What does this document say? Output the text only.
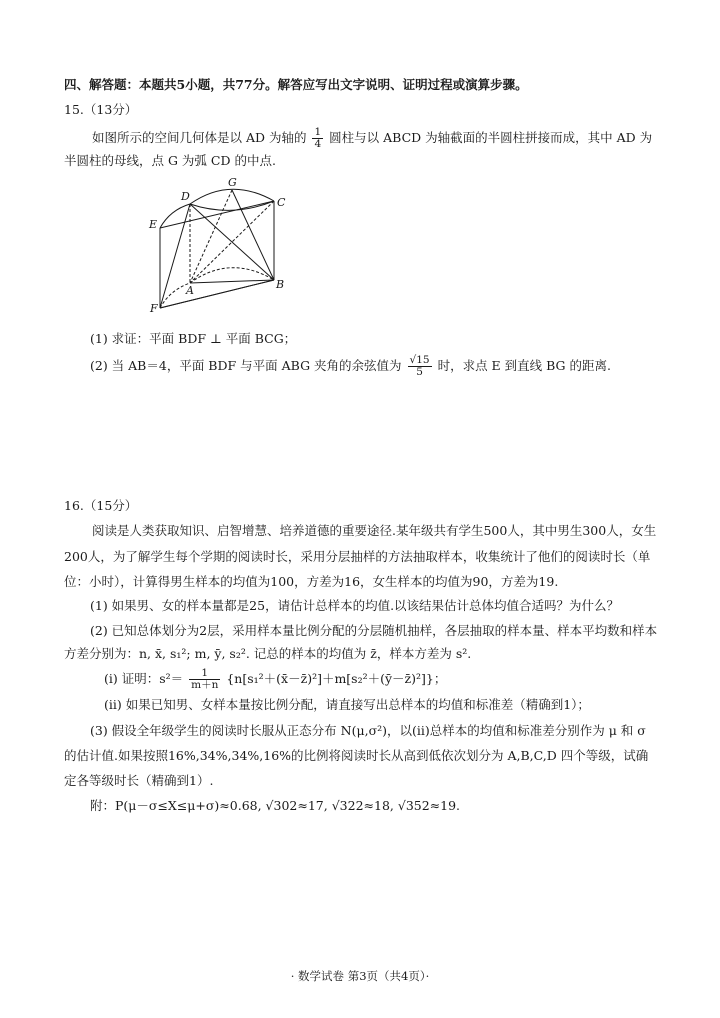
四、解答题：本题共5小题，共77分。解答应写出文字说明、证明过程或演算步骤。
15.（13分）
如图所示的空间几何体是以 AD 为轴的 $\frac{1}{4}$ 圆柱与以 ABCD 为轴截面的半圆柱拼接而成，其中 AD 为
半圆柱的母线，点 G 为弧 CD 的中点.
D
G
C
E
A	B
F
(1) 求证：平面 BDF ⊥ 平面 BCG；
(2) 当 AB＝4，平面 BDF 与平面 ABG 夹角的余弦值为 $\frac{√15}{5}$ 时，求点 E 到直线 BG 的距离.
16.（15分）
阅读是人类获取知识、启智增慧、培养道德的重要途径.某年级共有学生500人，其中男生300人，女生
200人，为了解学生每个学期的阅读时长，采用分层抽样的方法抽取样本，收集统计了他们的阅读时长（单
位：小时），计算得男生样本的均值为100，方差为16，女生样本的均值为90，方差为19.
(1) 如果男、女的样本量都是25，请估计总样本的均值.以该结果估计总体均值合适吗？为什么？
(2) 已知总体划分为2层，采用样本量比例分配的分层随机抽样，各层抽取的样本量、样本平均数和样本
方差分别为：n, x̄, s₁²; m, ȳ, s₂². 记总的样本的均值为 z̄，样本方差为 s².
(i) 证明：$s^2= \frac{1}{m+n}$ {n[s₁²＋(x̄－z̄)²]＋m[s₂²＋(ȳ－z̄)²]}；
(ii) 如果已知男、女样本量按比例分配，请直接写出总样本的均值和标准差（精确到1）；
(3) 假设全年级学生的阅读时长服从正态分布 N(μ,σ²)，以(ii)总样本的均值和标准差分别作为 μ 和 σ
的估计值.如果按照16%,34%,34%,16%的比例将阅读时长从高到低依次划分为 A,B,C,D 四个等级，试确
定各等级时长（精确到1）.
附：P(μ－σ≤X≤μ+σ)≈0.68, √302≈17, √322≈18, √352≈19.
· 数学试卷 第3页（共4页）·
